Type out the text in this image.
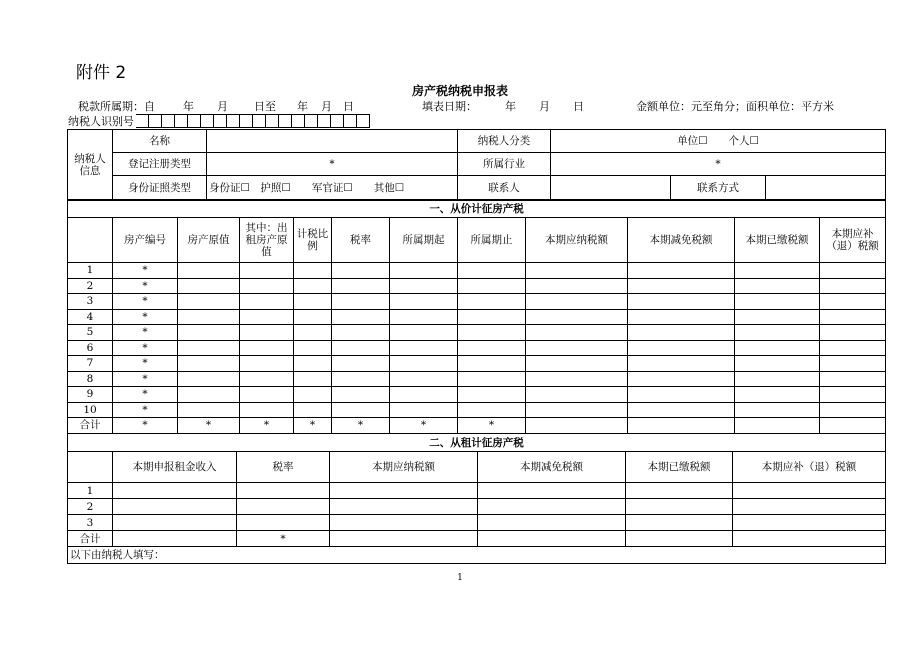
附件 2
房产税纳税申报表
税款所属期：自	年 月 日至 年 月 日	填表日期：	年 月 日	金额单位：元至角分；面积单位：平方米
纳税人识别号
纳税人信息	名称		纳税人分类	单位☐　　个人☐		
	登记注册类型	*	所属行业	*		
	身份证照类型	身份证☐　护照☐　　军官证☐　　其他☐	联系人		联系方式	
一、从价计征房产税											
	房产编号	房产原值	其中：出租房产原值	计税比例	税率	所属期起	所属期止	本期应纳税额	本期减免税额	本期已缴税额	本期应补（退）税额
1	*										
2	*										
3	*										
4	*										
5	*										
6	*										
7	*										
8	*										
9	*										
10	*										
合计	*	*	*	*	*	*	*				
二、从租计征房产税						
	本期申报租金收入	税率	本期应纳税额	本期减免税额	本期已缴税额	本期应补（退）税额
1						
2						
3						
合计		*				
以下由纳税人填写：						
1
